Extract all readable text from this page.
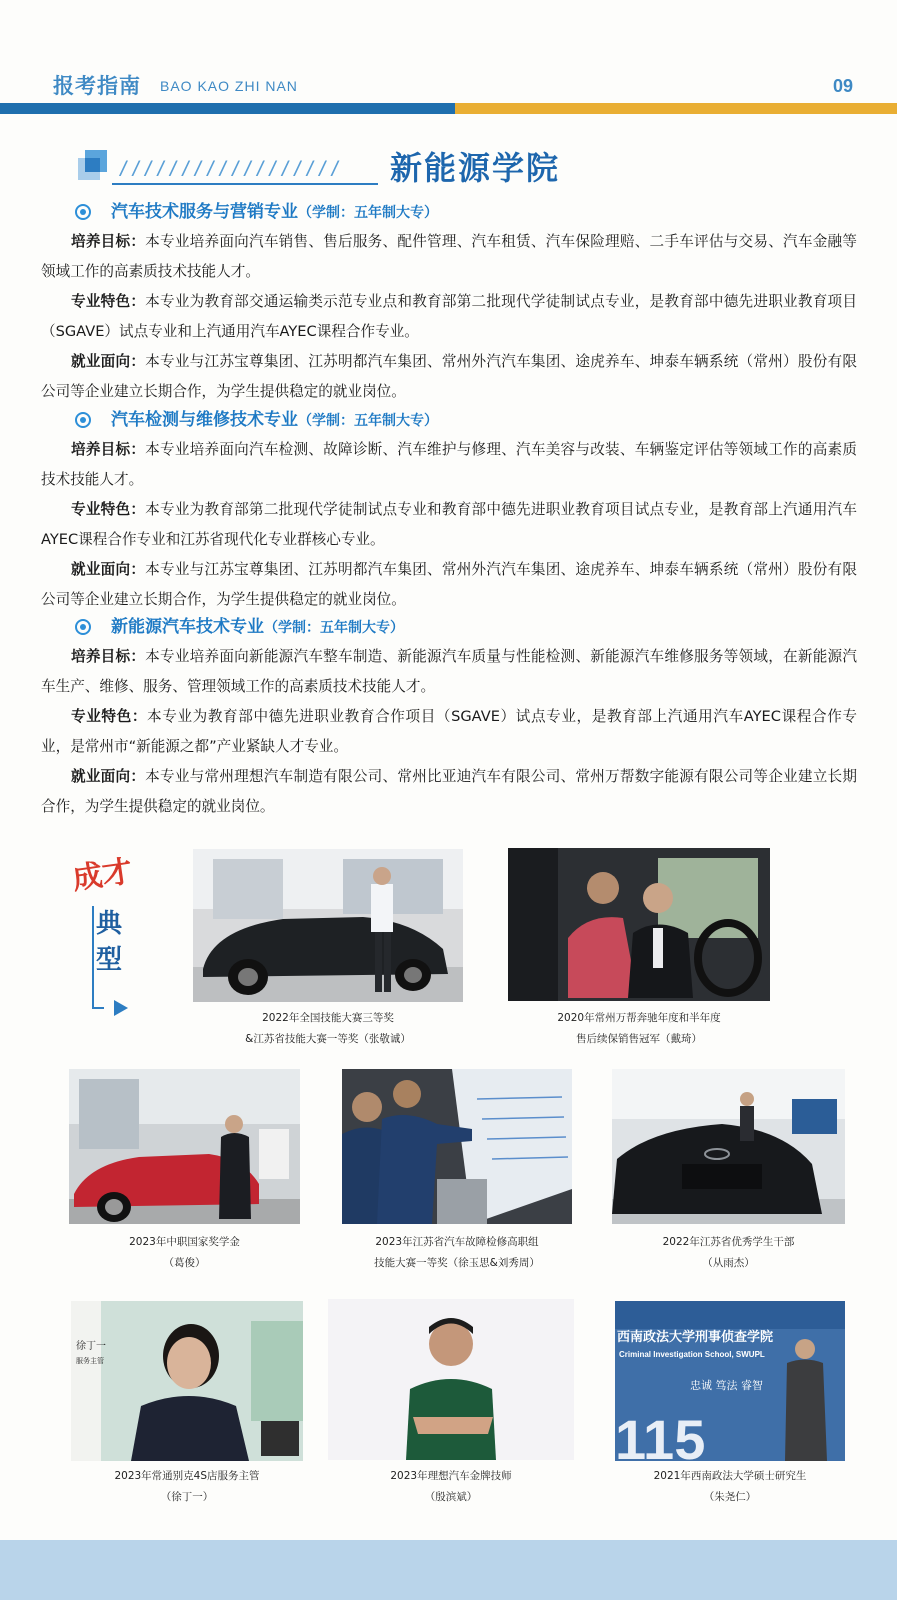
报考指南 BAO KAO ZHI NAN	09
////////////////// 新能源学院
汽车技术服务与营销专业（学制：五年制大专）

培养目标：本专业培养面向汽车销售、售后服务、配件管理、汽车租赁、汽车保险理赔、二手车评估与交易、汽车金融等领域工作的高素质技术技能人才。

专业特色：本专业为教育部交通运输类示范专业点和教育部第二批现代学徒制试点专业，是教育部中德先进职业教育项目（SGAVE）试点专业和上汽通用汽车AYEC课程合作专业。

就业面向：本专业与江苏宝尊集团、江苏明都汽车集团、常州外汽汽车集团、途虎养车、坤泰车辆系统（常州）股份有限公司等企业建立长期合作，为学生提供稳定的就业岗位。

汽车检测与维修技术专业（学制：五年制大专）

培养目标：本专业培养面向汽车检测、故障诊断、汽车维护与修理、汽车美容与改装、车辆鉴定评估等领域工作的高素质技术技能人才。

专业特色：本专业为教育部第二批现代学徒制试点专业和教育部中德先进职业教育项目试点专业，是教育部上汽通用汽车AYEC课程合作专业和江苏省现代化专业群核心专业。

就业面向：本专业与江苏宝尊集团、江苏明都汽车集团、常州外汽汽车集团、途虎养车、坤泰车辆系统（常州）股份有限公司等企业建立长期合作，为学生提供稳定的就业岗位。

新能源汽车技术专业（学制：五年制大专）

培养目标：本专业培养面向新能源汽车整车制造、新能源汽车质量与性能检测、新能源汽车维修服务等领域，在新能源汽车生产、维修、服务、管理领域工作的高素质技术技能人才。

专业特色：本专业为教育部中德先进职业教育合作项目（SGAVE）试点专业，是教育部上汽通用汽车AYEC课程合作专业，是常州市“新能源之都”产业紧缺人才专业。

就业面向：本专业与常州理想汽车制造有限公司、常州比亚迪汽车有限公司、常州万帮数字能源有限公司等企业建立长期合作，为学生提供稳定的就业岗位。

成才
典型
2022年全国技能大赛三等奖
&江苏省技能大赛一等奖（张敬诚）
2020年常州万帮奔驰年度和半年度
售后续保销售冠军（戴琦）
2023年中职国家奖学金
（葛俊）
2023年江苏省汽车故障检修高职组
技能大赛一等奖（徐玉思&刘秀周）
2022年江苏省优秀学生干部
（从雨杰）
徐丁一
服务主管
2023年常通别克4S店服务主管
（徐丁一）
2023年理想汽车金牌技师
（殷滨斌）
西南政法大学刑事侦查学院
Criminal Investigation School, SWUPL
忠诚 笃法 睿智
115
2021年西南政法大学硕士研究生
（朱尧仁）
